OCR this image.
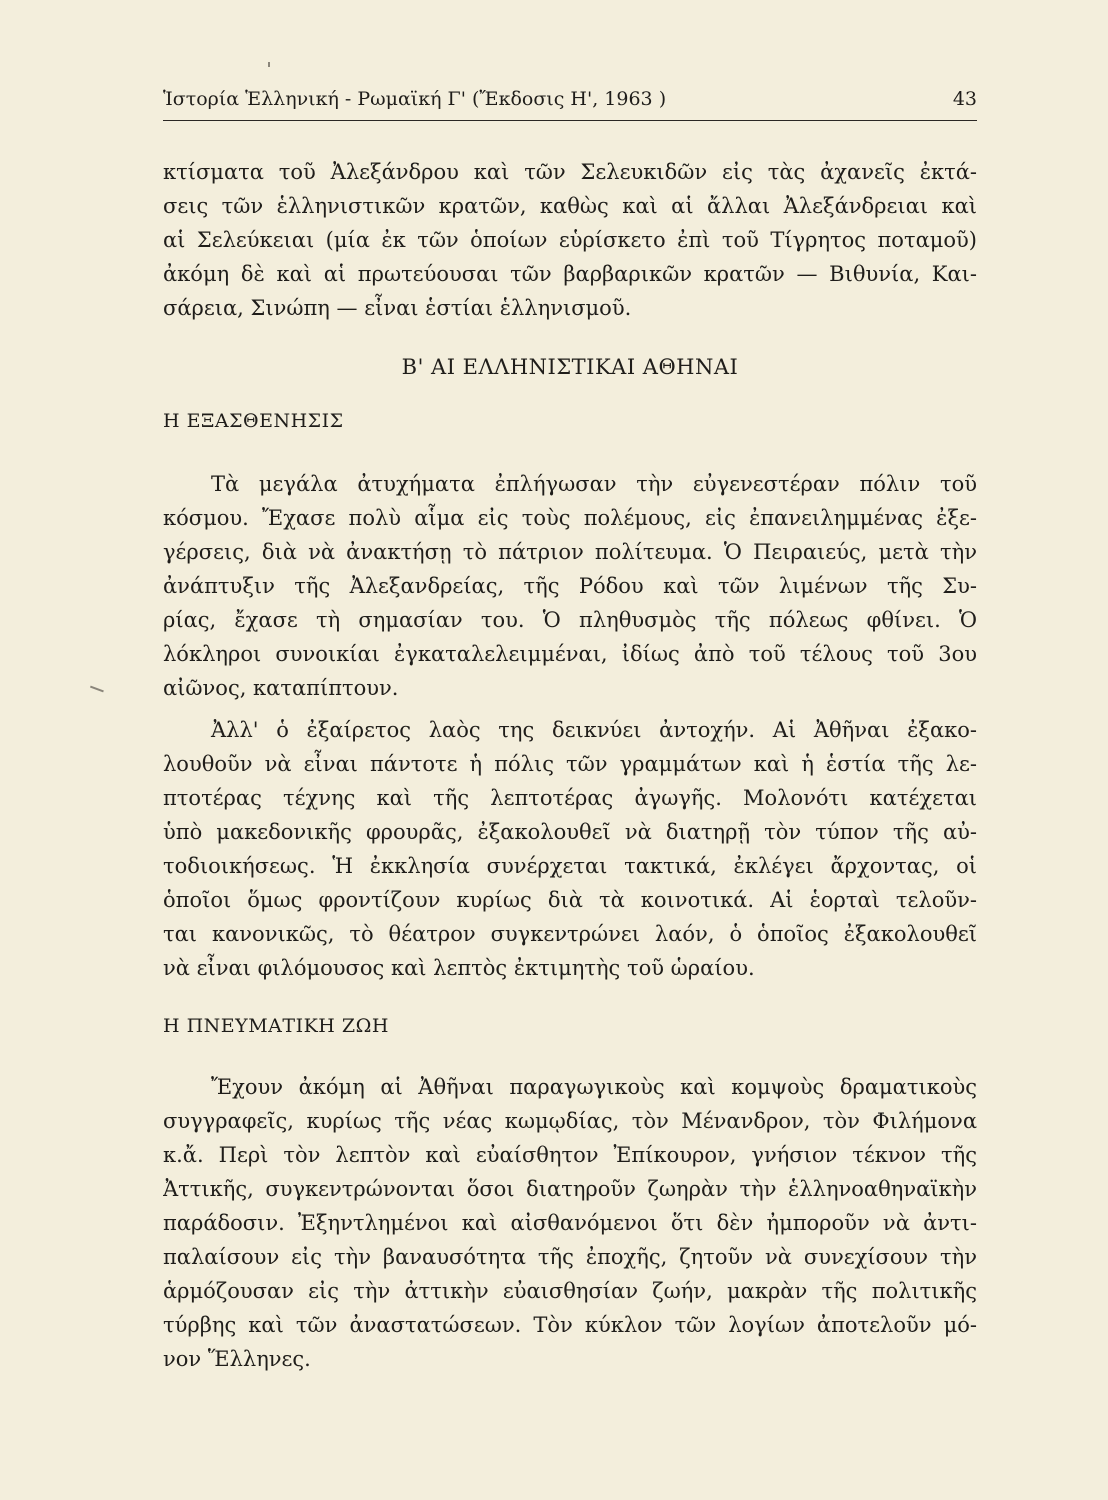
Ἱστορία Ἑλληνική - Ρωμαϊκή Γ' (Ἔκδοσις Η', 1963 )	43
κτίσματα τοῦ Ἀλεξάνδρου καὶ τῶν Σελευκιδῶν εἰς τὰς ἀχανεῖς ἐκτά-
σεις τῶν ἑλληνιστικῶν κρατῶν, καθὼς καὶ αἱ ἄλλαι Ἀλεξάνδρειαι καὶ
αἱ Σελεύκειαι (μία ἐκ τῶν ὁποίων εὑρίσκετο ἐπὶ τοῦ Τίγρητος ποταμοῦ)
ἀκόμη δὲ καὶ αἱ πρωτεύουσαι τῶν βαρβαρικῶν κρατῶν — Βιθυνία, Και-
σάρεια, Σινώπη — εἶναι ἑστίαι ἑλληνισμοῦ.
Β' ΑΙ ΕΛΛΗΝΙΣΤΙΚΑΙ ΑΘΗΝΑΙ
Η ΕΞΑΣΘΕΝΗΣΙΣ
Τὰ μεγάλα ἀτυχήματα ἐπλήγωσαν τὴν εὐγενεστέραν πόλιν τοῦ
κόσμου. Ἔχασε πολὺ αἷμα εἰς τοὺς πολέμους, εἰς ἐπανειλημμένας ἐξε-
γέρσεις, διὰ νὰ ἀνακτήσῃ τὸ πάτριον πολίτευμα. Ὁ Πειραιεύς, μετὰ τὴν
ἀνάπτυξιν τῆς Ἀλεξανδρείας, τῆς Ρόδου καὶ τῶν λιμένων τῆς Συ-
ρίας, ἔχασε τὴ σημασίαν του. Ὁ πληθυσμὸς τῆς πόλεως φθίνει. Ὁ
λόκληροι συνοικίαι ἐγκαταλελειμμέναι, ἰδίως ἀπὸ τοῦ τέλους τοῦ 3ου
αἰῶνος, καταπίπτουν.
Ἀλλ' ὁ ἐξαίρετος λαὸς της δεικνύει ἀντοχήν. Αἱ Ἀθῆναι ἐξακο-
λουθοῦν νὰ εἶναι πάντοτε ἡ πόλις τῶν γραμμάτων καὶ ἡ ἑστία τῆς λε-
πτοτέρας τέχνης καὶ τῆς λεπτοτέρας ἀγωγῆς. Μολονότι κατέχεται
ὑπὸ μακεδονικῆς φρουρᾶς, ἐξακολουθεῖ νὰ διατηρῇ τὸν τύπον τῆς αὐ-
τοδιοικήσεως. Ἡ ἐκκλησία συνέρχεται τακτικά, ἐκλέγει ἄρχοντας, οἱ
ὁποῖοι ὅμως φροντίζουν κυρίως διὰ τὰ κοινοτικά. Αἱ ἑορταὶ τελοῦν-
ται κανονικῶς, τὸ θέατρον συγκεντρώνει λαόν, ὁ ὁποῖος ἐξακολουθεῖ
νὰ εἶναι φιλόμουσος καὶ λεπτὸς ἐκτιμητὴς τοῦ ὡραίου.
Η ΠΝΕΥΜΑΤΙΚΗ ΖΩΗ
Ἔχουν ἀκόμη αἱ Ἀθῆναι παραγωγικοὺς καὶ κομψοὺς δραματικοὺς
συγγραφεῖς, κυρίως τῆς νέας κωμῳδίας, τὸν Μένανδρον, τὸν Φιλήμονα
κ.ἄ. Περὶ τὸν λεπτὸν καὶ εὐαίσθητον Ἐπίκουρον, γνήσιον τέκνον τῆς
Ἀττικῆς, συγκεντρώνονται ὅσοι διατηροῦν ζωηρὰν τὴν ἑλληνοαθηναϊκὴν
παράδοσιν. Ἐξηντλημένοι καὶ αἰσθανόμενοι ὅτι δὲν ἠμποροῦν νὰ ἀντι-
παλαίσουν εἰς τὴν βαναυσότητα τῆς ἐποχῆς, ζητοῦν νὰ συνεχίσουν τὴν
ἁρμόζουσαν εἰς τὴν ἀττικὴν εὐαισθησίαν ζωήν, μακρὰν τῆς πολιτικῆς
τύρβης καὶ τῶν ἀναστατώσεων. Τὸν κύκλον τῶν λογίων ἀποτελοῦν μό-
νον Ἕλληνες.
